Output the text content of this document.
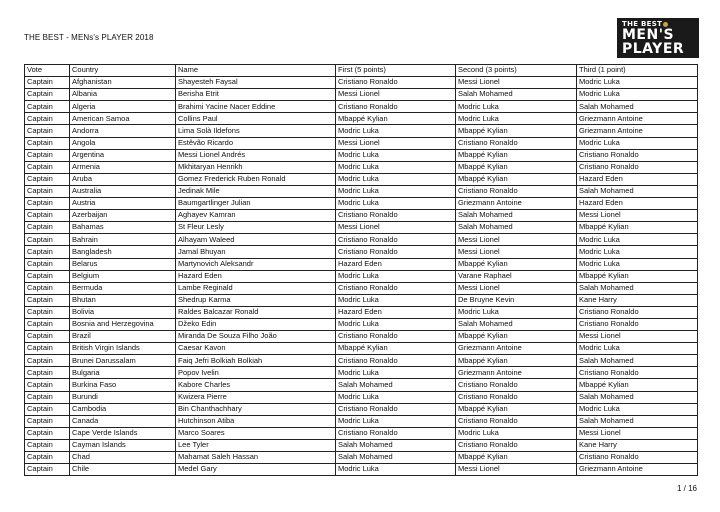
THE BEST - MENs's PLAYER 2018
THE BEST
MEN'S
PLAYER
Vote	Country	Name	First (5 points)	Second (3 points)	Third (1 point)
Captain	Afghanistan	Shayesteh Faysal	Cristiano Ronaldo	Messi Lionel	Modric Luka
Captain	Albania	Berisha Etrit	Messi Lionel	Salah Mohamed	Modric Luka
Captain	Algeria	Brahimi Yacine Nacer Eddine	Cristiano Ronaldo	Modric Luka	Salah Mohamed
Captain	American Samoa	Collins Paul	Mbappé Kylian	Modric Luka	Griezmann Antoine
Captain	Andorra	Lima Solà Ildefons	Modric Luka	Mbappé Kylian	Griezmann Antoine
Captain	Angola	Estêvão Ricardo	Messi Lionel	Cristiano Ronaldo	Modric Luka
Captain	Argentina	Messi Lionel Andrés	Modric Luka	Mbappé Kylian	Cristiano Ronaldo
Captain	Armenia	Mkhitaryan Henrikh	Modric Luka	Mbappé Kylian	Cristiano Ronaldo
Captain	Aruba	Gomez Frederick Ruben Ronald	Modric Luka	Mbappé Kylian	Hazard Eden
Captain	Australia	Jedinak Mile	Modric Luka	Cristiano Ronaldo	Salah Mohamed
Captain	Austria	Baumgartlinger Julian	Modric Luka	Griezmann Antoine	Hazard Eden
Captain	Azerbaijan	Aghayev Kamran	Cristiano Ronaldo	Salah Mohamed	Messi Lionel
Captain	Bahamas	St Fleur Lesly	Messi Lionel	Salah Mohamed	Mbappé Kylian
Captain	Bahrain	Alhayam Waleed	Cristiano Ronaldo	Messi Lionel	Modric Luka
Captain	Bangladesh	Jamal Bhuyan	Cristiano Ronaldo	Messi Lionel	Modric Luka
Captain	Belarus	Martynovich Aleksandr	Hazard Eden	Mbappé Kylian	Modric Luka
Captain	Belgium	Hazard Eden	Modric Luka	Varane Raphael	Mbappé Kylian
Captain	Bermuda	Lambe Reginald	Cristiano Ronaldo	Messi Lionel	Salah Mohamed
Captain	Bhutan	Shedrup Karma	Modric Luka	De Bruyne Kevin	Kane Harry
Captain	Bolivia	Raldes Balcazar Ronald	Hazard Eden	Modric Luka	Cristiano Ronaldo
Captain	Bosnia and Herzegovina	Džeko Edin	Modric Luka	Salah Mohamed	Cristiano Ronaldo
Captain	Brazil	Miranda De Souza Filho João	Cristiano Ronaldo	Mbappé Kylian	Messi Lionel
Captain	British Virgin Islands	Caesar Kavon	Mbappé Kylian	Griezmann Antoine	Modric Luka
Captain	Brunei Darussalam	Faiq Jefri Bolkiah Bolkiah	Cristiano Ronaldo	Mbappé Kylian	Salah Mohamed
Captain	Bulgaria	Popov Ivelin	Modric Luka	Griezmann Antoine	Cristiano Ronaldo
Captain	Burkina Faso	Kabore Charles	Salah Mohamed	Cristiano Ronaldo	Mbappé Kylian
Captain	Burundi	Kwizera Pierre	Modric Luka	Cristiano Ronaldo	Salah Mohamed
Captain	Cambodia	Bin Chanthachhary	Cristiano Ronaldo	Mbappé Kylian	Modric Luka
Captain	Canada	Hutchinson Atiba	Modric Luka	Cristiano Ronaldo	Salah Mohamed
Captain	Cape Verde Islands	Marco Soares	Cristiano Ronaldo	Modric Luka	Messi Lionel
Captain	Cayman Islands	Lee Tyler	Salah Mohamed	Cristiano Ronaldo	Kane Harry
Captain	Chad	Mahamat Saleh Hassan	Salah Mohamed	Mbappé Kylian	Cristiano Ronaldo
Captain	Chile	Medel Gary	Modric Luka	Messi Lionel	Griezmann Antoine
1 / 16
